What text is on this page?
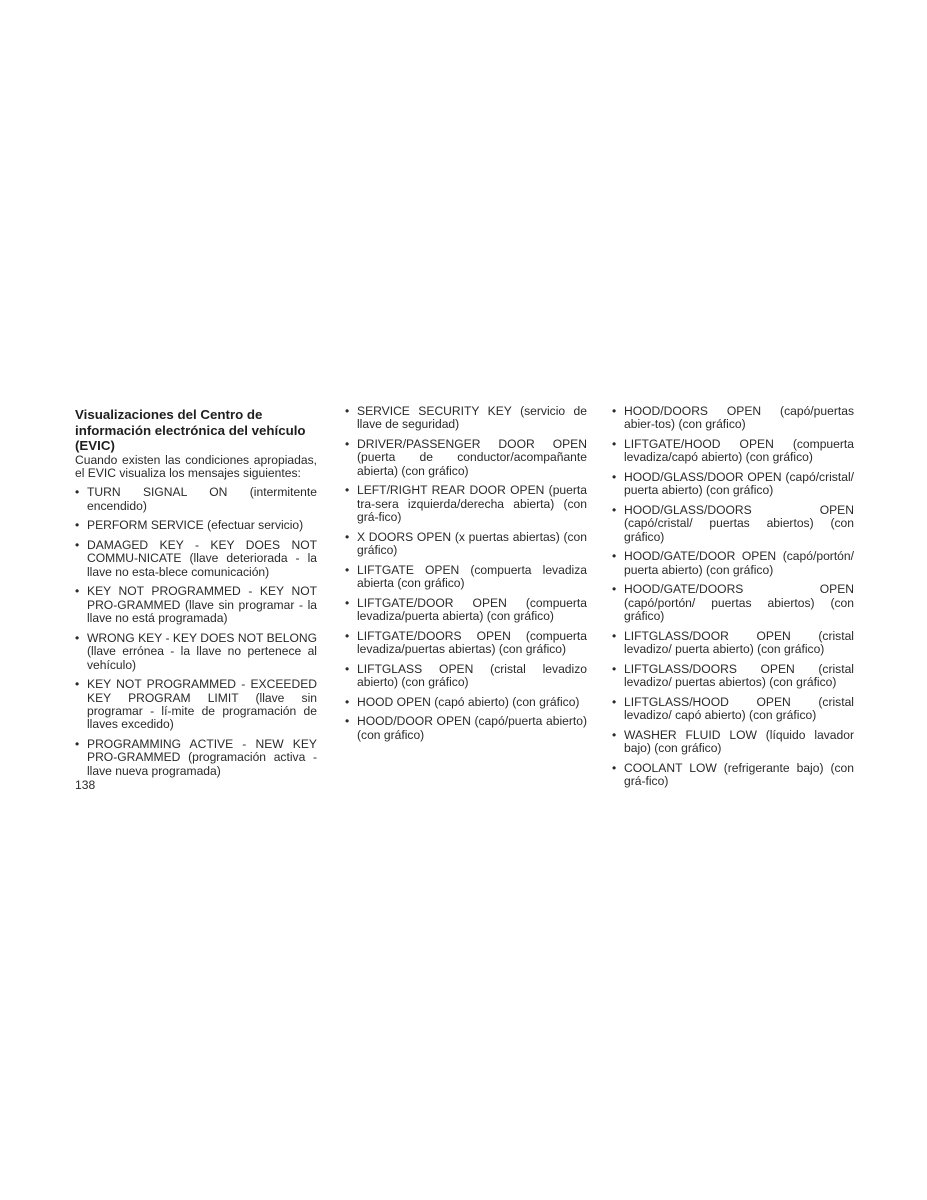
Visualizaciones del Centro de información electrónica del vehículo (EVIC)

Cuando existen las condiciones apropiadas, el EVIC visualiza los mensajes siguientes:

• TURN SIGNAL ON (intermitente encendido)
• PERFORM SERVICE (efectuar servicio)
• DAMAGED KEY - KEY DOES NOT COMMU-NICATE (llave deteriorada - la llave no esta-blece comunicación)
• KEY NOT PROGRAMMED - KEY NOT PRO-GRAMMED (llave sin programar - la llave no está programada)
• WRONG KEY - KEY DOES NOT BELONG (llave errónea - la llave no pertenece al vehículo)
• KEY NOT PROGRAMMED - EXCEEDED KEY PROGRAM LIMIT (llave sin programar - lí-mite de programación de llaves excedido)
• PROGRAMMING ACTIVE - NEW KEY PRO-GRAMMED (programación activa - llave nueva programada)
• SERVICE SECURITY KEY (servicio de llave de seguridad)
• DRIVER/PASSENGER DOOR OPEN (puerta de conductor/acompañante abierta) (con gráfico)
• LEFT/RIGHT REAR DOOR OPEN (puerta tra-sera izquierda/derecha abierta) (con grá-fico)
• X DOORS OPEN (x puertas abiertas) (con gráfico)
• LIFTGATE OPEN (compuerta levadiza abierta (con gráfico)
• LIFTGATE/DOOR OPEN (compuerta levadiza/puerta abierta) (con gráfico)
• LIFTGATE/DOORS OPEN (compuerta levadiza/puertas abiertas) (con gráfico)
• LIFTGLASS OPEN (cristal levadizo abierto) (con gráfico)
• HOOD OPEN (capó abierto) (con gráfico)
• HOOD/DOOR OPEN (capó/puerta abierto) (con gráfico)
• HOOD/DOORS OPEN (capó/puertas abier-tos) (con gráfico)
• LIFTGATE/HOOD OPEN (compuerta levadiza/capó abierto) (con gráfico)
• HOOD/GLASS/DOOR OPEN (capó/cristal/ puerta abierto) (con gráfico)
• HOOD/GLASS/DOORS OPEN (capó/cristal/ puertas abiertos) (con gráfico)
• HOOD/GATE/DOOR OPEN (capó/portón/ puerta abierto) (con gráfico)
• HOOD/GATE/DOORS OPEN (capó/portón/ puertas abiertos) (con gráfico)
• LIFTGLASS/DOOR OPEN (cristal levadizo/ puerta abierto) (con gráfico)
• LIFTGLASS/DOORS OPEN (cristal levadizo/ puertas abiertos) (con gráfico)
• LIFTGLASS/HOOD OPEN (cristal levadizo/ capó abierto) (con gráfico)
• WASHER FLUID LOW (líquido lavador bajo) (con gráfico)
• COOLANT LOW (refrigerante bajo) (con grá-fico)
138
